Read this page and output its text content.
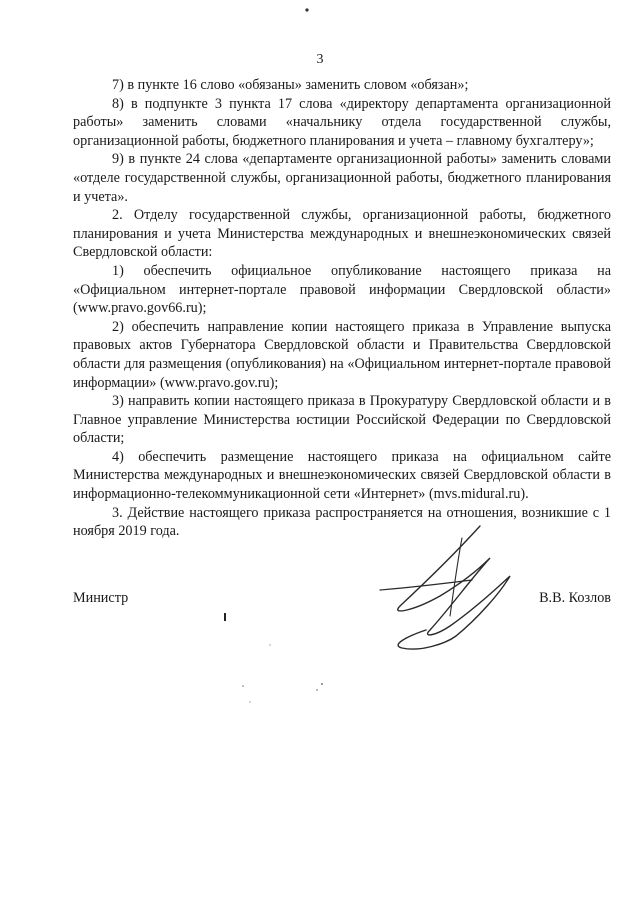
3

7) в пункте 16 слово «обязаны» заменить словом «обязан»;

8) в подпункте 3 пункта 17 слова «директору департамента организационной работы» заменить словами «начальнику отдела государственной службы, организационной работы, бюджетного планирования и учета – главному бухгалтеру»;

9) в пункте 24 слова «департаменте организационной работы» заменить словами «отделе государственной службы, организационной работы, бюджетного планирования и учета».

2. Отделу государственной службы, организационной работы, бюджетного планирования и учета Министерства международных и внешнеэкономических связей Свердловской области:

1) обеспечить официальное опубликование настоящего приказа на «Официальном интернет-портале правовой информации Свердловской области» (www.pravo.gov66.ru);

2) обеспечить направление копии настоящего приказа в Управление выпуска правовых актов Губернатора Свердловской области и Правительства Свердловской области для размещения (опубликования) на «Официальном интернет-портале правовой информации» (www.pravo.gov.ru);

3) направить копии настоящего приказа в Прокуратуру Свердловской области и в Главное управление Министерства юстиции Российской Федерации по Свердловской области;

4) обеспечить размещение настоящего приказа на официальном сайте Министерства международных и внешнеэкономических связей Свердловской области в информационно-телекоммуникационной сети «Интернет» (mvs.midural.ru).

3. Действие настоящего приказа распространяется на отношения, возникшие с 1 ноября 2019 года.

Министр	В.В. Козлов
